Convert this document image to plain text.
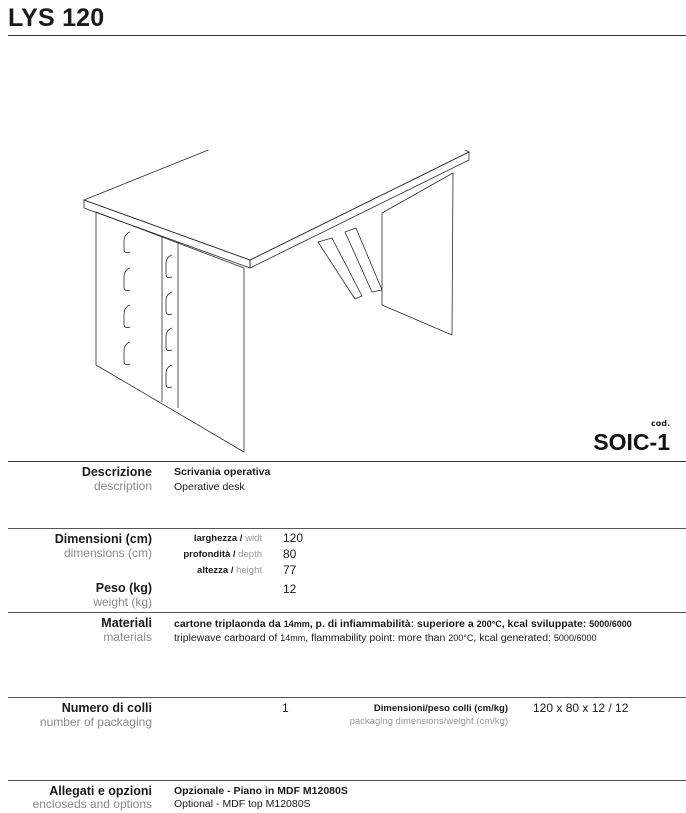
LYS 120
cod.
SOIC-1
Descrizione
description
Scrivania operativa
Operative desk
Dimensioni (cm)
dimensions (cm)
larghezza / widt 120
profondità / depth 80
altezza / height 77
Peso (kg)
weight (kg)
12
Materiali
materials
cartone triplaonda da 14mm, p. di infiammabilità: superiore a 200°C, kcal sviluppate: 5000/6000
triplewave carboard of 14mm, flammability point: more than 200°C, kcal generated: 5000/6000
Numero di colli
number of packaging
1	Dimensioni/peso colli (cm/kg)
packaging dimensions/weight (cm/kg)
120 x 80 x 12 / 12
Allegati e opzioni
encloseds and options
Opzionale - Piano in MDF M12080S
Optional - MDF top M12080S
